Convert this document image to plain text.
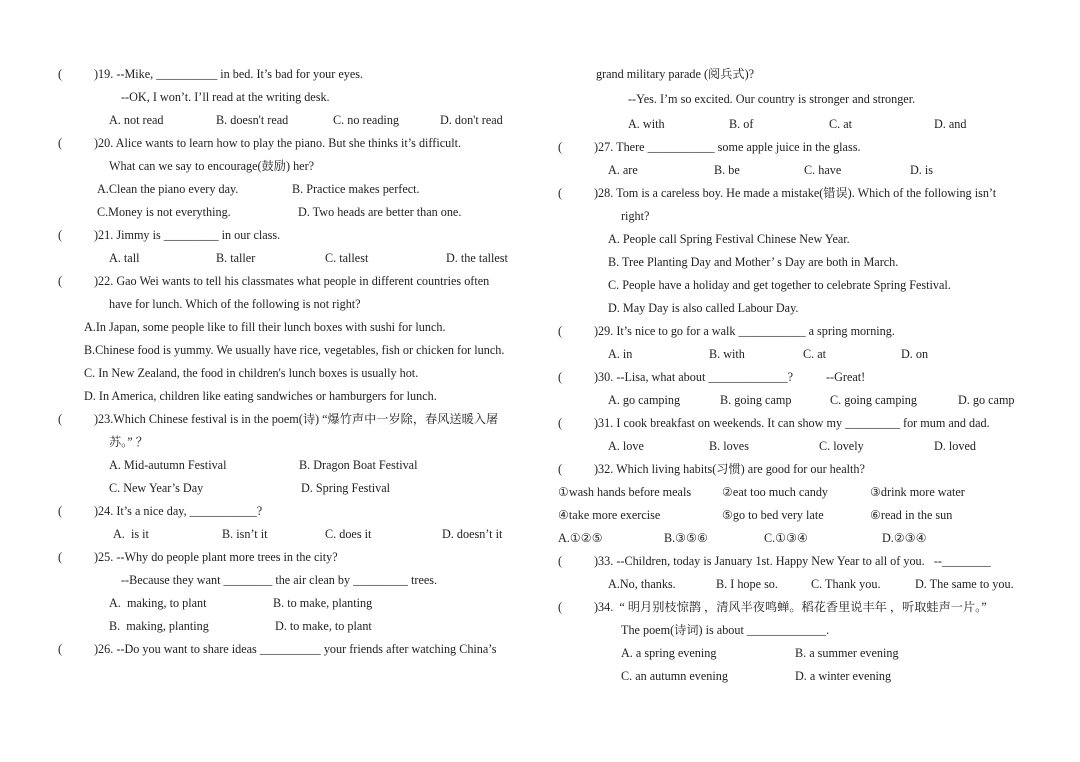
(	)19. --Mike, __________ in bed. It’s bad for your eyes.
--OK, I won’t. I’ll read at the writing desk.
A. not read	B. doesn't read	C. no reading	D. don't read
(	)20. Alice wants to learn how to play the piano. But she thinks it’s difficult.
What can we say to encourage(鼓励) her?
A.Clean the piano every day.	B. Practice makes perfect.
C.Money is not everything.	D. Two heads are better than one.
(	)21. Jimmy is _________ in our class.
A. tall	B. taller	C. tallest	D. the tallest
(	)22. Gao Wei wants to tell his classmates what people in different countries often
have for lunch. Which of the following is not right?
A.In Japan, some people like to fill their lunch boxes with sushi for lunch.
B.Chinese food is yummy. We usually have rice, vegetables, fish or chicken for lunch.
C. In New Zealand, the food in children's lunch boxes is usually hot.
D. In America, children like eating sandwiches or hamburgers for lunch.
(	)23.Which Chinese festival is in the poem(诗) “爆竹声中一岁除，春风送暖入屠
苏。” ？
A. Mid-autumn Festival	B. Dragon Boat Festival
C. New Year’s Day	D. Spring Festival
(	)24. It’s a nice day, ___________?
A.  is it	B. isn’t it	C. does it	D. doesn’t it
(	)25. --Why do people plant more trees in the city?
--Because they want ________ the air clean by _________ trees.
A.  making, to plant	B. to make, planting
B.  making, planting	D. to make, to plant
(	)26. --Do you want to share ideas __________ your friends after watching China’s
grand military parade (阅兵式)?
--Yes. I’m so excited. Our country is stronger and stronger.
A. with	B. of	C. at	D. and
(	)27. There ___________ some apple juice in the glass.
A. are	B. be	C. have	D. is
(	)28. Tom is a careless boy. He made a mistake(错误). Which of the following isn’t
right?
A. People call Spring Festival Chinese New Year.
B. Tree Planting Day and Mother’ s Day are both in March.
C. People have a holiday and get together to celebrate Spring Festival.
D. May Day is also called Labour Day.
(	)29. It’s nice to go for a walk ___________ a spring morning.
A. in	B. with	C. at	D. on
(	)30. --Lisa, what about _____________?	--Great!
A. go camping	B. going camp	C. going camping	D. go camp
(	)31. I cook breakfast on weekends. It can show my _________ for mum and dad.
A. love	B. loves	C. lovely	D. loved
(	)32. Which living habits(习惯) are good for our health?
①wash hands before meals	②eat too much candy	③drink more water
④take more exercise	⑤go to bed very late	⑥read in the sun
A.①②⑤	B.③⑤⑥	C.①③④	D.②③④
(	)33. --Children, today is January 1st. Happy New Year to all of you.   --________
A.No, thanks.	B. I hope so.	C. Thank you.	D. The same to you.
(	)34.  “ 明月别枝惊鹊 ，清风半夜鸣蝉。稻花香里说丰年 ，听取蛙声一片。”
The poem(诗词) is about _____________.
A. a spring evening	B. a summer evening
C. an autumn evening	D. a winter evening
